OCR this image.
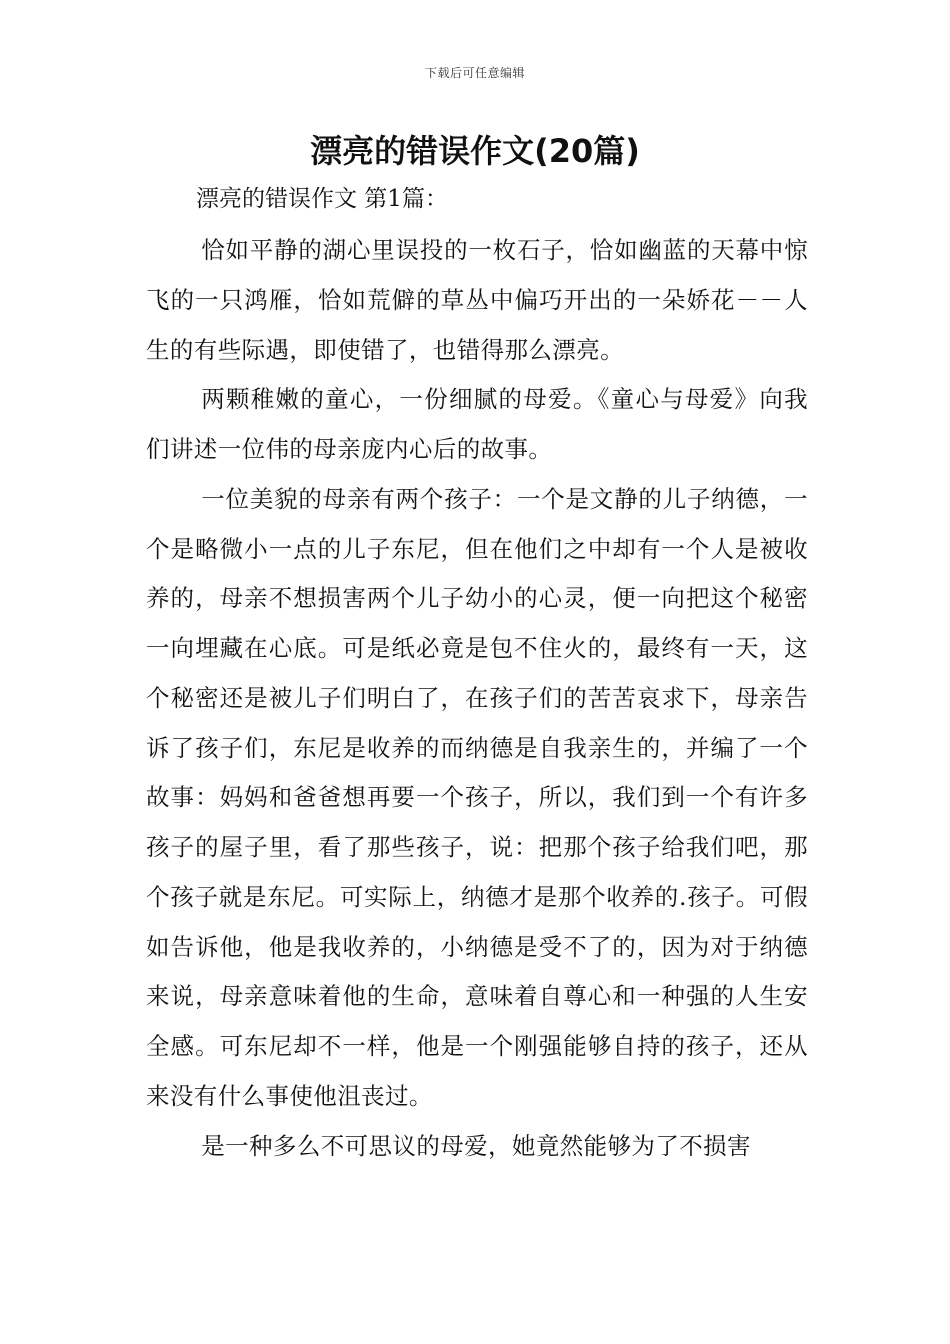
下载后可任意编辑
漂亮的错误作文(20篇)
漂亮的错误作文 第1篇：

恰如平静的湖心里误投的一枚石子，恰如幽蓝的天幕中惊飞的一只鸿雁，恰如荒僻的草丛中偏巧开出的一朵娇花－－人生的有些际遇，即使错了，也错得那么漂亮。

两颗稚嫩的童心，一份细腻的母爱。《童心与母爱》向我们讲述一位伟的母亲庞内心后的故事。

一位美貌的母亲有两个孩子：一个是文静的儿子纳德，一个是略微小一点的儿子东尼，但在他们之中却有一个人是被收养的，母亲不想损害两个儿子幼小的心灵，便一向把这个秘密一向埋藏在心底。可是纸必竟是包不住火的，最终有一天，这个秘密还是被儿子们明白了，在孩子们的苦苦哀求下，母亲告诉了孩子们，东尼是收养的而纳德是自我亲生的，并编了一个故事：妈妈和爸爸想再要一个孩子，所以，我们到一个有许多孩子的屋子里，看了那些孩子，说：把那个孩子给我们吧，那个孩子就是东尼。可实际上，纳德才是那个收养的.孩子。可假如告诉他，他是我收养的，小纳德是受不了的，因为对于纳德来说，母亲意味着他的生命，意味着自尊心和一种强的人生安全感。可东尼却不一样，他是一个刚强能够自持的孩子，还从来没有什么事使他沮丧过。

是一种多么不可思议的母爱，她竟然能够为了不损害
